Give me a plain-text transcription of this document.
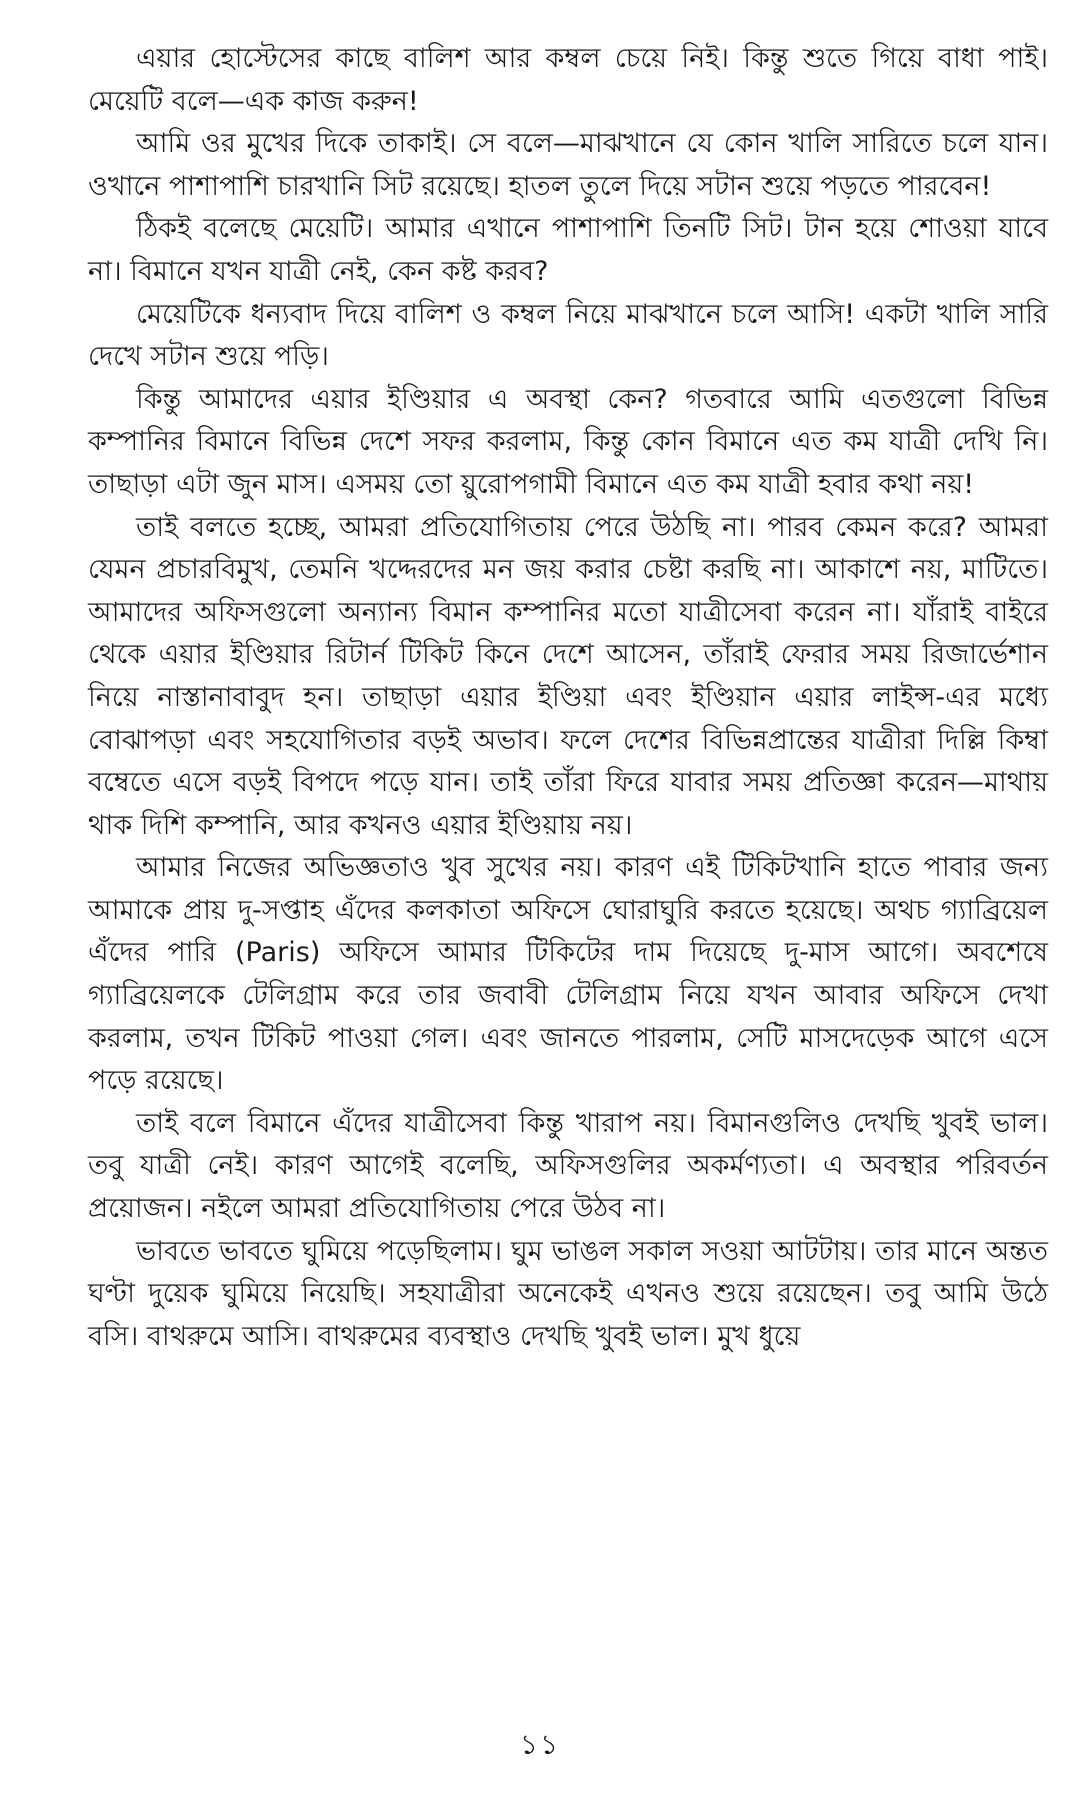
এয়ার হোস্টেসের কাছে বালিশ আর কম্বল চেয়ে নিই। কিন্তু শুতে গিয়ে বাধা পাই। মেয়েটি বলে—এক কাজ করুন!

আমি ওর মুখের দিকে তাকাই। সে বলে—মাঝখানে যে কোন খালি সারিতে চলে যান। ওখানে পাশাপাশি চারখানি সিট রয়েছে। হাতল তুলে দিয়ে সটান শুয়ে পড়তে পারবেন!

ঠিকই বলেছে মেয়েটি। আমার এখানে পাশাপাশি তিনটি সিট। টান হয়ে শোওয়া যাবে না। বিমানে যখন যাত্রী নেই, কেন কষ্ট করব?

মেয়েটিকে ধন্যবাদ দিয়ে বালিশ ও কম্বল নিয়ে মাঝখানে চলে আসি! একটা খালি সারি দেখে সটান শুয়ে পড়ি।

কিন্তু আমাদের এয়ার ইণ্ডিয়ার এ অবস্থা কেন? গতবারে আমি এতগুলো বিভিন্ন কম্পানির বিমানে বিভিন্ন দেশে সফর করলাম, কিন্তু কোন বিমানে এত কম যাত্রী দেখি নি। তাছাড়া এটা জুন মাস। এসময় তো য়ুরোপগামী বিমানে এত কম যাত্রী হবার কথা নয়!

তাই বলতে হচ্ছে, আমরা প্রতিযোগিতায় পেরে উঠছি না। পারব কেমন করে? আমরা যেমন প্রচারবিমুখ, তেমনি খদ্দেরদের মন জয় করার চেষ্টা করছি না। আকাশে নয়, মাটিতে। আমাদের অফিসগুলো অন্যান্য বিমান কম্পানির মতো যাত্রীসেবা করেন না। যাঁরাই বাইরে থেকে এয়ার ইণ্ডিয়ার রিটার্ন টিকিট কিনে দেশে আসেন, তাঁরাই ফেরার সময় রিজার্ভেশান নিয়ে নাস্তানাবাবুদ হন। তাছাড়া এয়ার ইণ্ডিয়া এবং ইণ্ডিয়ান এয়ার লাইন্স-এর মধ্যে বোঝাপড়া এবং সহযোগিতার বড়ই অভাব। ফলে দেশের বিভিন্নপ্রান্তের যাত্রীরা দিল্লি কিম্বা বম্বেতে এসে বড়ই বিপদে পড়ে যান। তাই তাঁরা ফিরে যাবার সময় প্রতিজ্ঞা করেন—মাথায় থাক দিশি কম্পানি, আর কখনও এয়ার ইণ্ডিয়ায় নয়।

আমার নিজের অভিজ্ঞতাও খুব সুখের নয়। কারণ এই টিকিটখানি হাতে পাবার জন্য আমাকে প্রায় দু-সপ্তাহ এঁদের কলকাতা অফিসে ঘোরাঘুরি করতে হয়েছে। অথচ গ্যাব্রিয়েল এঁদের পারি (Paris) অফিসে আমার টিকিটের দাম দিয়েছে দু-মাস আগে। অবশেষে গ্যাব্রিয়েলকে টেলিগ্রাম করে তার জবাবী টেলিগ্রাম নিয়ে যখন আবার অফিসে দেখা করলাম, তখন টিকিট পাওয়া গেল। এবং জানতে পারলাম, সেটি মাসদেড়েক আগে এসে পড়ে রয়েছে।

তাই বলে বিমানে এঁদের যাত্রীসেবা কিন্তু খারাপ নয়। বিমানগুলিও দেখছি খুবই ভাল। তবু যাত্রী নেই। কারণ আগেই বলেছি, অফিসগুলির অকর্মণ্যতা। এ অবস্থার পরিবর্তন প্রয়োজন। নইলে আমরা প্রতিযোগিতায় পেরে উঠব না।

ভাবতে ভাবতে ঘুমিয়ে পড়েছিলাম। ঘুম ভাঙল সকাল সওয়া আটটায়। তার মানে অন্তত ঘণ্টা দুয়েক ঘুমিয়ে নিয়েছি। সহযাত্রীরা অনেকেই এখনও শুয়ে রয়েছেন। তবু আমি উঠে বসি। বাথরুমে আসি। বাথরুমের ব্যবস্থাও দেখছি খুবই ভাল। মুখ ধুয়ে

১১
